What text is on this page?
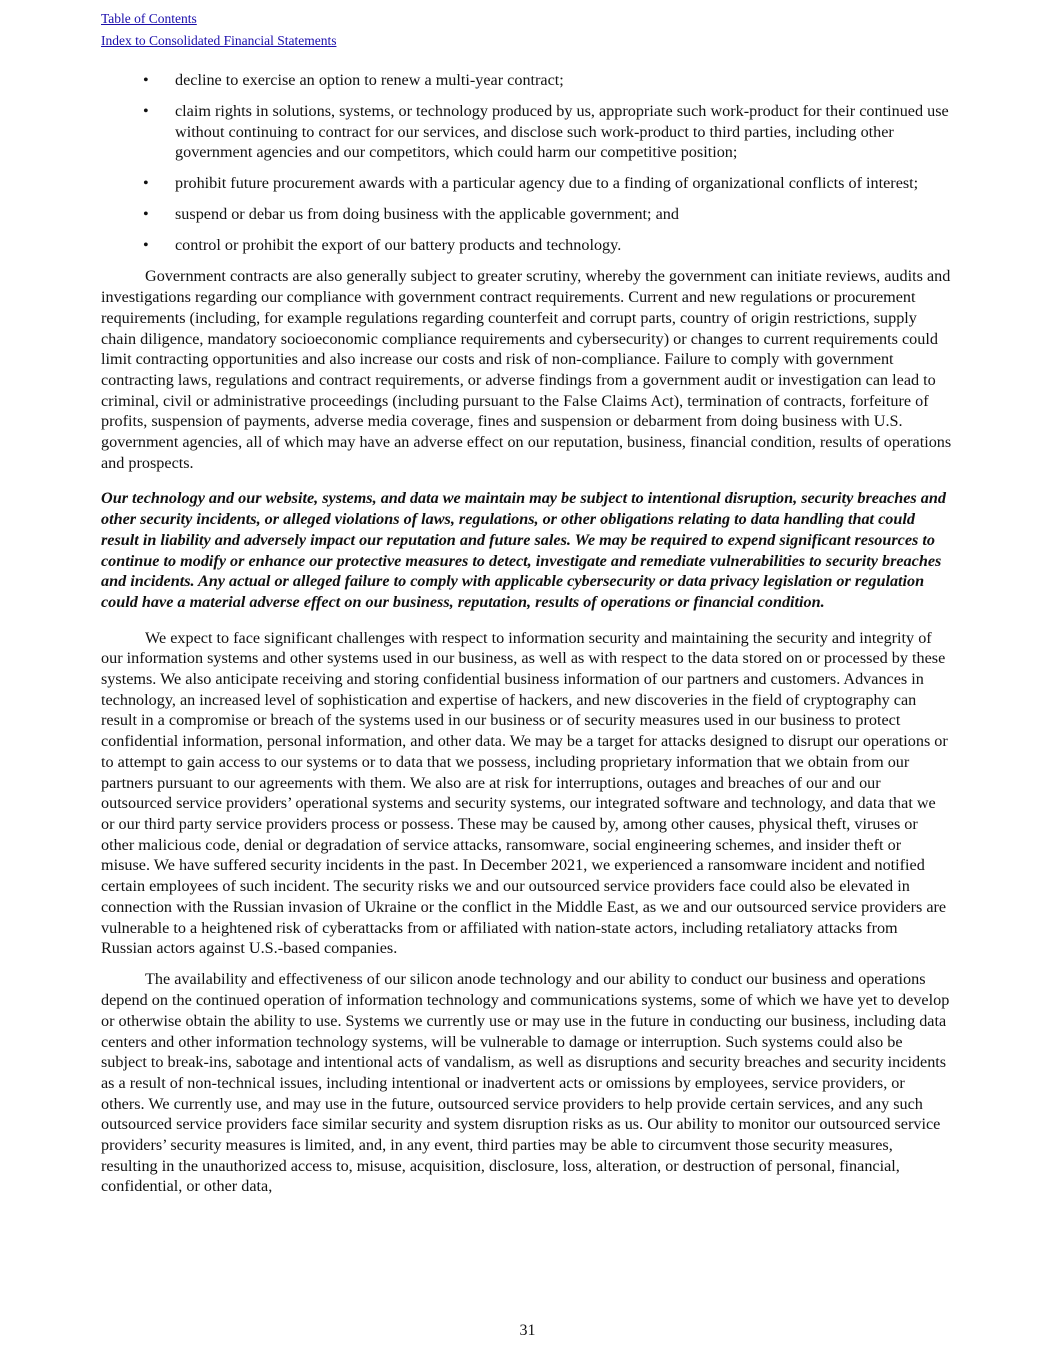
Table of Contents
Index to Consolidated Financial Statements
• decline to exercise an option to renew a multi-year contract;
• claim rights in solutions, systems, or technology produced by us, appropriate such work-product for their continued use without continuing to contract for our services, and disclose such work-product to third parties, including other government agencies and our competitors, which could harm our competitive position;
• prohibit future procurement awards with a particular agency due to a finding of organizational conflicts of interest;
• suspend or debar us from doing business with the applicable government; and
• control or prohibit the export of our battery products and technology.

Government contracts are also generally subject to greater scrutiny, whereby the government can initiate reviews, audits and investigations regarding our compliance with government contract requirements. Current and new regulations or procurement requirements (including, for example regulations regarding counterfeit and corrupt parts, country of origin restrictions, supply chain diligence, mandatory socioeconomic compliance requirements and cybersecurity) or changes to current requirements could limit contracting opportunities and also increase our costs and risk of non-compliance. Failure to comply with government contracting laws, regulations and contract requirements, or adverse findings from a government audit or investigation can lead to criminal, civil or administrative proceedings (including pursuant to the False Claims Act), termination of contracts, forfeiture of profits, suspension of payments, adverse media coverage, fines and suspension or debarment from doing business with U.S. government agencies, all of which may have an adverse effect on our reputation, business, financial condition, results of operations and prospects.

Our technology and our website, systems, and data we maintain may be subject to intentional disruption, security breaches and other security incidents, or alleged violations of laws, regulations, or other obligations relating to data handling that could result in liability and adversely impact our reputation and future sales. We may be required to expend significant resources to continue to modify or enhance our protective measures to detect, investigate and remediate vulnerabilities to security breaches and incidents. Any actual or alleged failure to comply with applicable cybersecurity or data privacy legislation or regulation could have a material adverse effect on our business, reputation, results of operations or financial condition.

We expect to face significant challenges with respect to information security and maintaining the security and integrity of our information systems and other systems used in our business, as well as with respect to the data stored on or processed by these systems. We also anticipate receiving and storing confidential business information of our partners and customers. Advances in technology, an increased level of sophistication and expertise of hackers, and new discoveries in the field of cryptography can result in a compromise or breach of the systems used in our business or of security measures used in our business to protect confidential information, personal information, and other data. We may be a target for attacks designed to disrupt our operations or to attempt to gain access to our systems or to data that we possess, including proprietary information that we obtain from our partners pursuant to our agreements with them. We also are at risk for interruptions, outages and breaches of our and our outsourced service providers’ operational systems and security systems, our integrated software and technology, and data that we or our third party service providers process or possess. These may be caused by, among other causes, physical theft, viruses or other malicious code, denial or degradation of service attacks, ransomware, social engineering schemes, and insider theft or misuse. We have suffered security incidents in the past. In December 2021, we experienced a ransomware incident and notified certain employees of such incident. The security risks we and our outsourced service providers face could also be elevated in connection with the Russian invasion of Ukraine or the conflict in the Middle East, as we and our outsourced service providers are vulnerable to a heightened risk of cyberattacks from or affiliated with nation-state actors, including retaliatory attacks from Russian actors against U.S.-based companies.

The availability and effectiveness of our silicon anode technology and our ability to conduct our business and operations depend on the continued operation of information technology and communications systems, some of which we have yet to develop or otherwise obtain the ability to use. Systems we currently use or may use in the future in conducting our business, including data centers and other information technology systems, will be vulnerable to damage or interruption. Such systems could also be subject to break-ins, sabotage and intentional acts of vandalism, as well as disruptions and security breaches and security incidents as a result of non-technical issues, including intentional or inadvertent acts or omissions by employees, service providers, or others. We currently use, and may use in the future, outsourced service providers to help provide certain services, and any such outsourced service providers face similar security and system disruption risks as us. Our ability to monitor our outsourced service providers’ security measures is limited, and, in any event, third parties may be able to circumvent those security measures, resulting in the unauthorized access to, misuse, acquisition, disclosure, loss, alteration, or destruction of personal, financial, confidential, or other data,

31
